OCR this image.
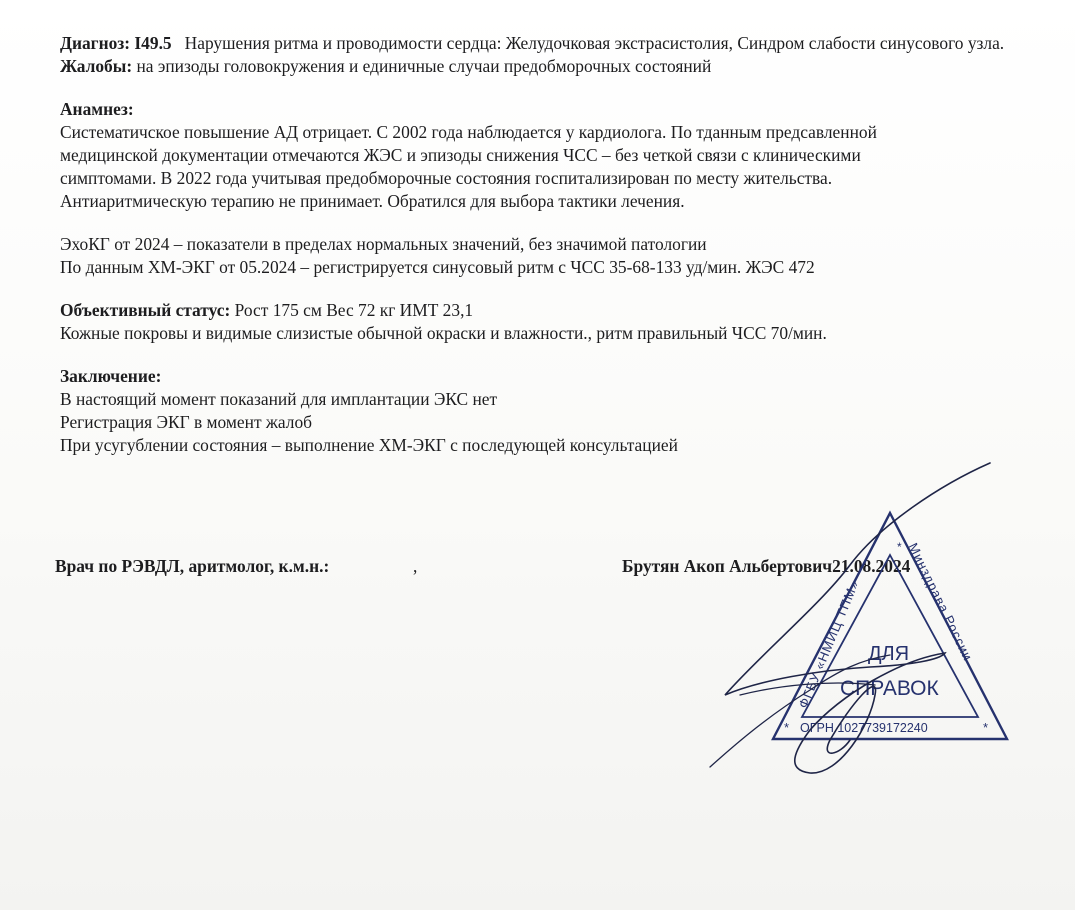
Диагноз: I49.5 Нарушения ритма и проводимости сердца: Желудочковая экстрасистолия, Синдром слабости синусового узла.
Жалобы: на эпизоды головокружения и единичные случаи предобморочных состояний
Анамнез:
Систематичское повышение АД отрицает. С 2002 года наблюдается у кардиолога. По тданным предсавленной
медицинской документации отмечаются ЖЭС и эпизоды снижения ЧСС – без четкой связи с клиническими
симптомами. В 2022 года учитывая предобморочные состояния госпитализирован по месту жительства.
Антиаритмическую терапию не принимает. Обратился для выбора тактики лечения.
ЭхоКГ от 2024 – показатели в пределах нормальных значений, без значимой патологии
По данным ХМ-ЭКГ от 05.2024 – регистрируется синусовый ритм с ЧСС 35-68-133 уд/мин. ЖЭС 472
Объективный статус: Рост 175 см Вес 72 кг ИМТ 23,1
Кожные покровы и видимые слизистые обычной окраски и влажности., ритм правильный ЧСС 70/мин.
Заключение:
В настоящий момент показаний для имплантации ЭКС нет
Регистрация ЭКГ в момент жалоб
При усугублении состояния – выполнение ХМ-ЭКГ с последующей консультацией
Врач по РЭВДЛ, аритмолог, к.м.н.:	,	Брутян Акоп Альбертович21.08.2024
ФГБУ «НМИЦ ТПМ»
Минздрава России
* ОГРН 1027739172240	*
*
ДЛЯ
СПРАВОК
